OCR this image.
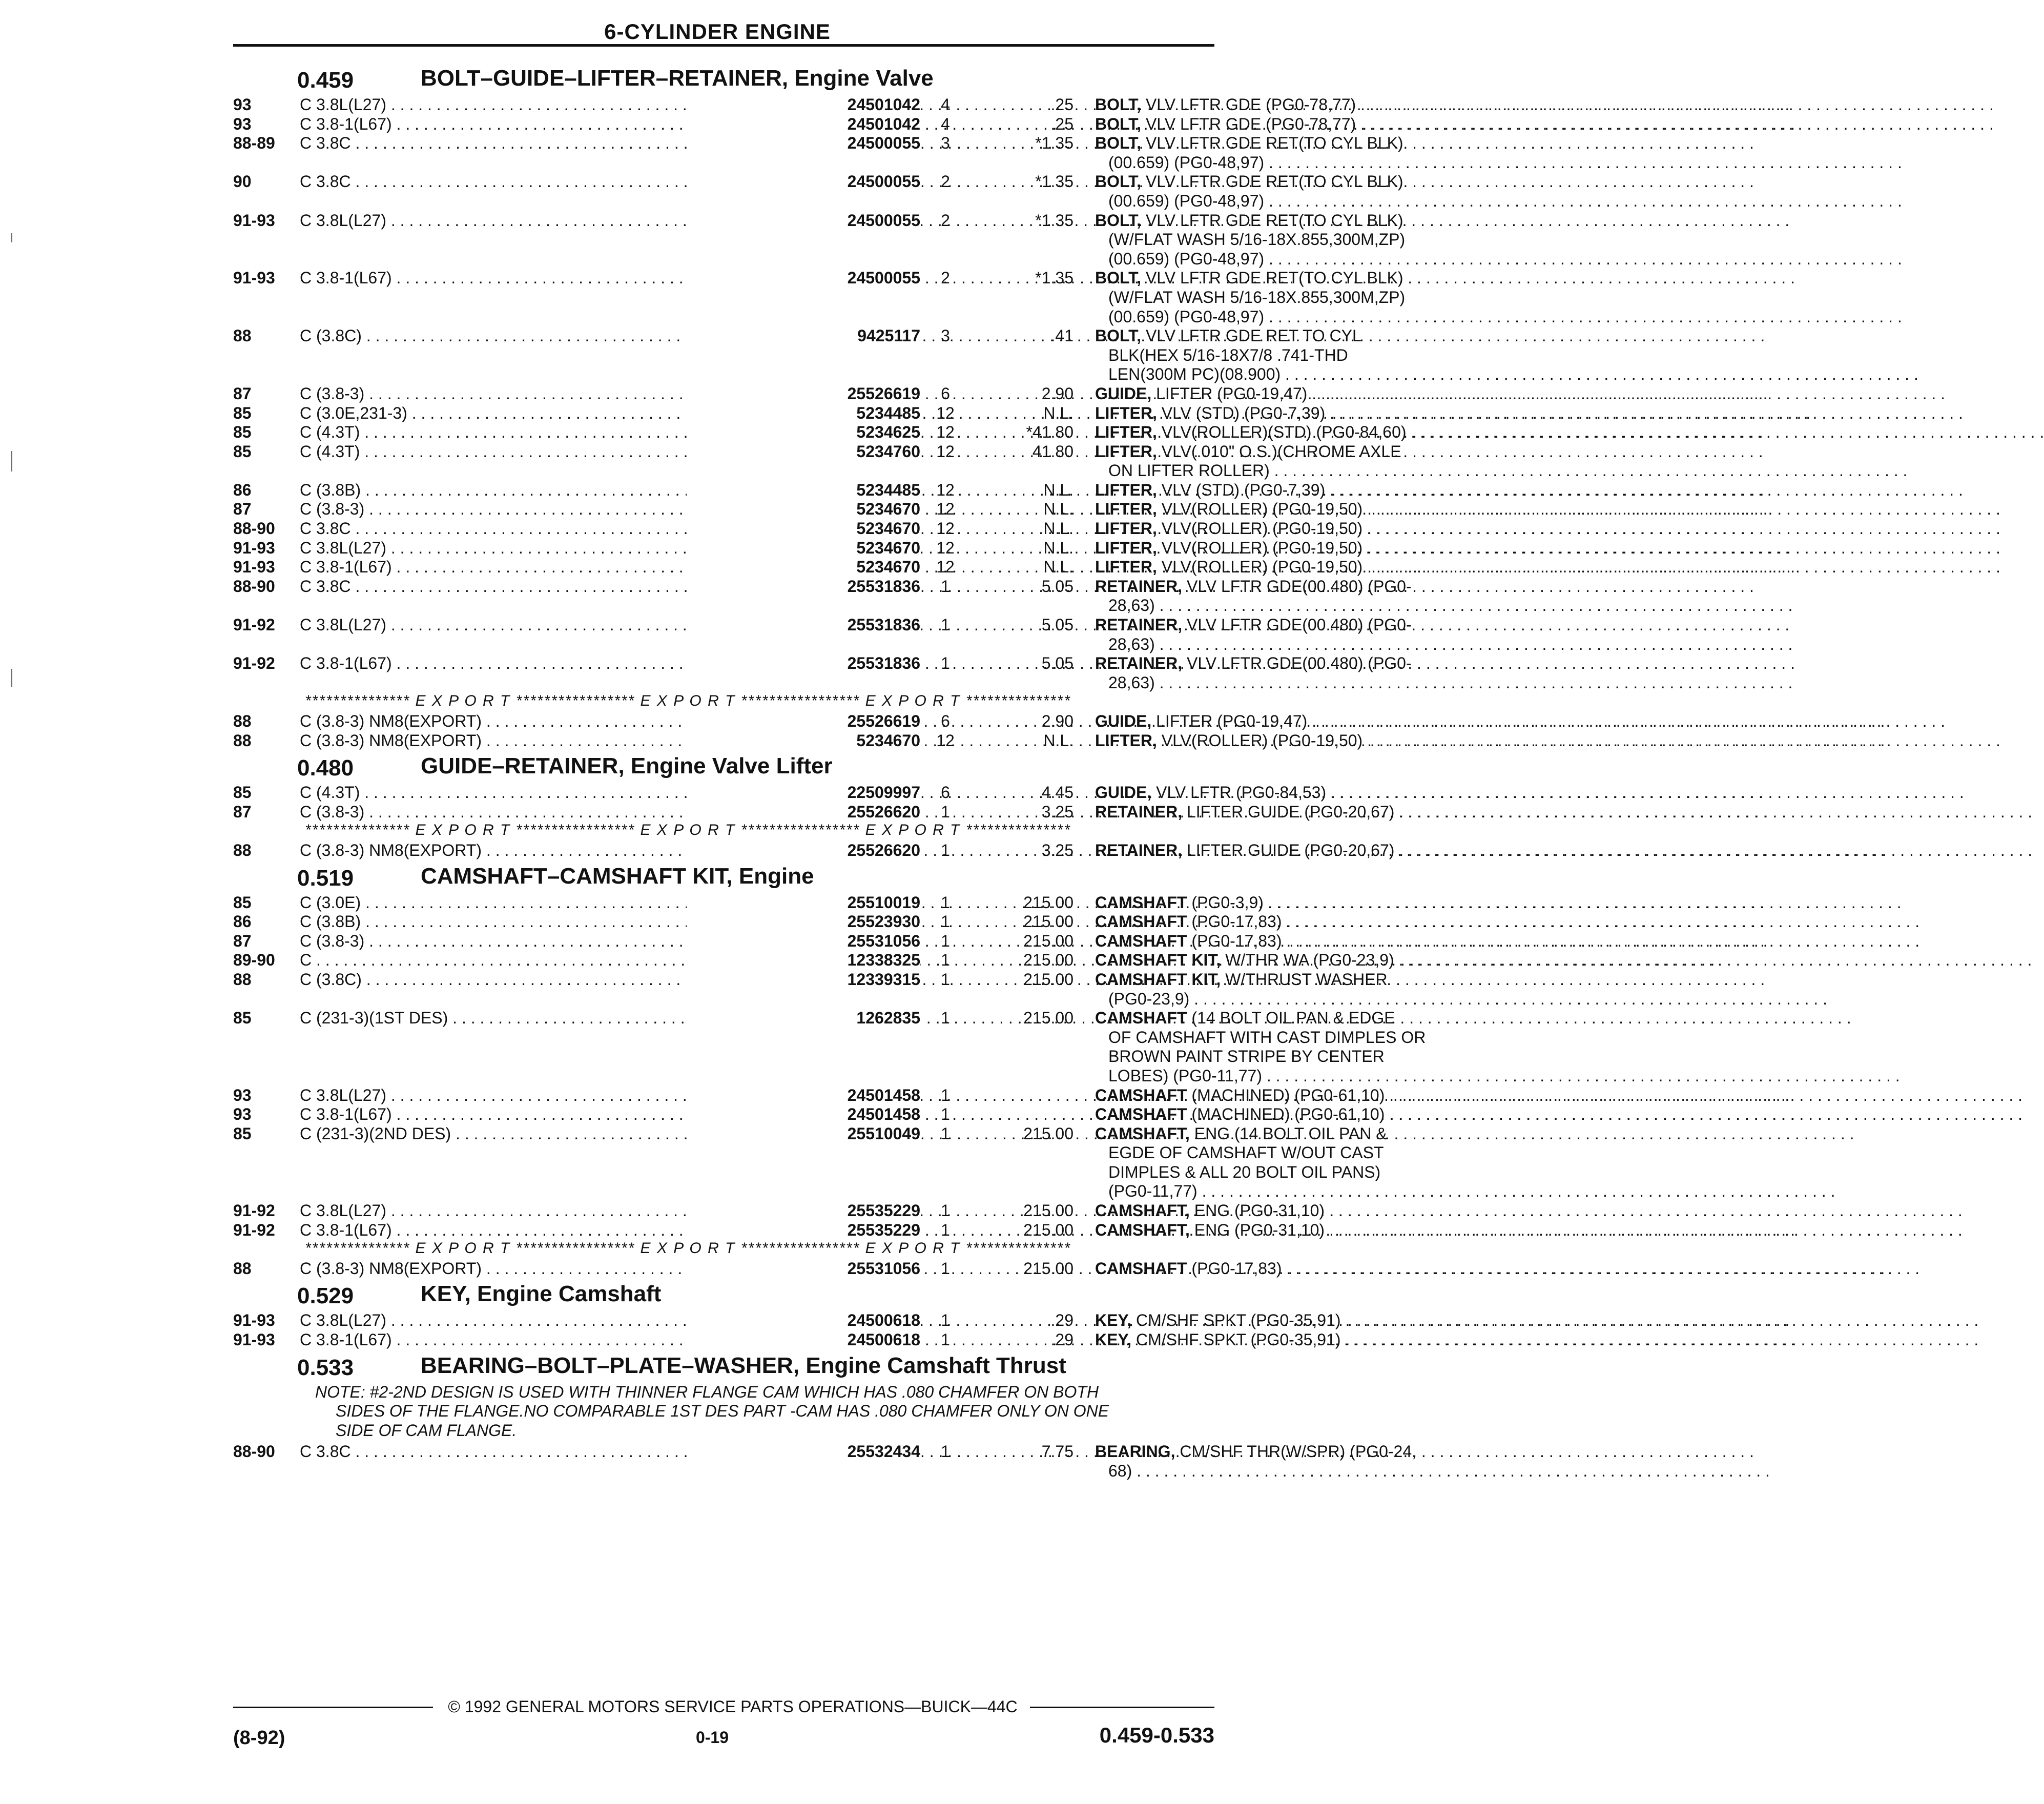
6-CYLINDER ENGINE
0.459	BOLT–GUIDE–LIFTER–RETAINER, Engine Valve
93	C 3.8L(L27) . . .	24501042	4	.25 BOLT, VLV LFTR GDE (PG0-78,77) . . .
93	C 3.8-1(L67) . . .	24501042	4	.25 BOLT, VLV LFTR GDE (PG0-78,77) . . .
88-89 C 3.8C . . .	24500055	3	*1.35 BOLT, VLV LFTR GDE RET(TO CYL BLK)
(00.659) (PG0-48,97) . . .
90	C 3.8C . . .	24500055	2	*1.35 BOLT, VLV LFTR GDE RET(TO CYL BLK)
(00.659) (PG0-48,97) . . .
91-93 C 3.8L(L27) . . .	24500055	2	*1.35 BOLT, VLV LFTR GDE RET(TO CYL BLK)
(W/FLAT WASH 5/16-18X.855,300M,ZP)
(00.659) (PG0-48,97) . . .
91-93 C 3.8-1(L67) . . .	24500055	2	*1.35 BOLT, VLV LFTR GDE RET(TO CYL BLK)
(W/FLAT WASH 5/16-18X.855,300M,ZP)
(00.659) (PG0-48,97) . . .
88	C (3.8C) . . .	9425117	3	.41 BOLT, VLV LFTR GDE RET TO CYL
BLK(HEX 5/16-18X7/8 .741-THD
LEN(300M PC)(08.900) . . .
87	C (3.8-3) . . .	25526619	6	2.90 GUIDE, LIFTER (PG0-19,47) . . .
85	C (3.0E,231-3) . . .	5234485 12	N.L. LIFTER, VLV (STD) (PG0-7,39) . . .
85	C (4.3T) . . .	5234625 12	*41.80 LIFTER, VLV(ROLLER)(STD) (PG0-84,60) . . .
85	C (4.3T) . . .	5234760 12	41.80 LIFTER, VLV(.010" O.S.)(CHROME AXLE
ON LIFTER ROLLER) . . .
86	C (3.8B) . . .	5234485 12	N.L. LIFTER, VLV (STD) (PG0-7,39) . . .
87	C (3.8-3) . . .	5234670 12	N.L. LIFTER, VLV(ROLLER) (PG0-19,50) . . .
88-90 C 3.8C . . .	5234670 12	N.L. LIFTER, VLV(ROLLER) (PG0-19,50) . . .
91-93 C 3.8L(L27) . . .	5234670 12	N.L. LIFTER, VLV(ROLLER) (PG0-19,50) . . .
91-93 C 3.8-1(L67) . . .	5234670 12	N.L. LIFTER, VLV(ROLLER) (PG0-19,50) . . .
88-90 C 3.8C . . .	25531836	1	5.05 RETAINER, VLV LFTR GDE(00.480) (PG0-
28,63) . . .
91-92 C 3.8L(L27) . . .	25531836	1	5.05 RETAINER, VLV LFTR GDE(00.480) (PG0-
28,63) . . .
91-92 C 3.8-1(L67) . . .	25531836	1	5.05 RETAINER, VLV LFTR GDE(00.480) (PG0-
28,63) . . .
*************** E X P O R T ***************** E X P O R T ***************** E X P O R T ***************
88	C (3.8-3) NM8(EXPORT) . . .	25526619	6	2.90 GUIDE, LIFTER (PG0-19,47) . . .
88	C (3.8-3) NM8(EXPORT) . . .	5234670 12	N.L. LIFTER, VLV(ROLLER) (PG0-19,50) . . .
0.480	GUIDE–RETAINER, Engine Valve Lifter
85	C (4.3T) . . .	22509997	6	4.45 GUIDE, VLV LFTR (PG0-84,53) . . .
87	C (3.8-3) . . .	25526620	1	3.25 RETAINER, LIFTER GUIDE (PG0-20,67) . . .
*************** E X P O R T ***************** E X P O R T ***************** E X P O R T ***************
88	C (3.8-3) NM8(EXPORT) . . .	25526620	1	3.25 RETAINER, LIFTER GUIDE (PG0-20,67) . . .
0.519	CAMSHAFT–CAMSHAFT KIT, Engine
85	C (3.0E) . . .	25510019	1	215.00 CAMSHAFT (PG0-3,9) . . .
86	C (3.8B) . . .	25523930	1	215.00 CAMSHAFT (PG0-17,83) . . .
87	C (3.8-3) . . .	25531056	1	215.00 CAMSHAFT (PG0-17,83) . . .
89-90 C . . .	12338325	1	215.00 CAMSHAFT KIT, W/THR WA (PG0-23,9) . . .
88	C (3.8C) . . .	12339315	1	215.00 CAMSHAFT KIT, W/THRUST WASHER
(PG0-23,9) . . .
85	C (231-3)(1ST DES) . . .	1262835	1	215.00 CAMSHAFT (14 BOLT OIL PAN & EDGE
OF CAMSHAFT WITH CAST DIMPLES OR
BROWN PAINT STRIPE BY CENTER
LOBES) (PG0-11,77) . . .
93	C 3.8L(L27) . . .	24501458	1	CAMSHAFT (MACHINED) (PG0-61,10) . . .
93	C 3.8-1(L67) . . .	24501458	1	CAMSHAFT (MACHINED) (PG0-61,10) . . .
85	C (231-3)(2ND DES) . . .	25510049	1	215.00 CAMSHAFT, ENG (14 BOLT OIL PAN &
EGDE OF CAMSHAFT W/OUT CAST
DIMPLES & ALL 20 BOLT OIL PANS)
(PG0-11,77) . . .
91-92 C 3.8L(L27) . . .	25535229	1	215.00 CAMSHAFT, ENG (PG0-31,10) . . .
91-92 C 3.8-1(L67) . . .	25535229	1	215.00 CAMSHAFT, ENG (PG0-31,10) . . .
*************** E X P O R T ***************** E X P O R T ***************** E X P O R T ***************
88	C (3.8-3) NM8(EXPORT) . . .	25531056	1	215.00 CAMSHAFT (PG0-17,83) . . .
0.529	KEY, Engine Camshaft
91-93 C 3.8L(L27) . . .	24500618	1	.29 KEY, CM/SHF SPKT (PG0-35,91) . . .
91-93 C 3.8-1(L67) . . .	24500618	1	.29 KEY, CM/SHF SPKT (PG0-35,91) . . .
0.533	BEARING–BOLT–PLATE–WASHER, Engine Camshaft Thrust
NOTE: #2-2ND DESIGN IS USED WITH THINNER FLANGE CAM WHICH HAS .080 CHAMFER ON BOTH
SIDES OF THE FLANGE.NO COMPARABLE 1ST DES PART -CAM HAS .080 CHAMFER ONLY ON ONE
SIDE OF CAM FLANGE.
88-90 C 3.8C . . .	25532434	1	7.75 BEARING, CM/SHF THR(W/SPR) (PG0-24,
68) . . .
© 1992 GENERAL MOTORS SERVICE PARTS OPERATIONS—BUICK—44C
(8-92)	0-19	0.459-0.533
